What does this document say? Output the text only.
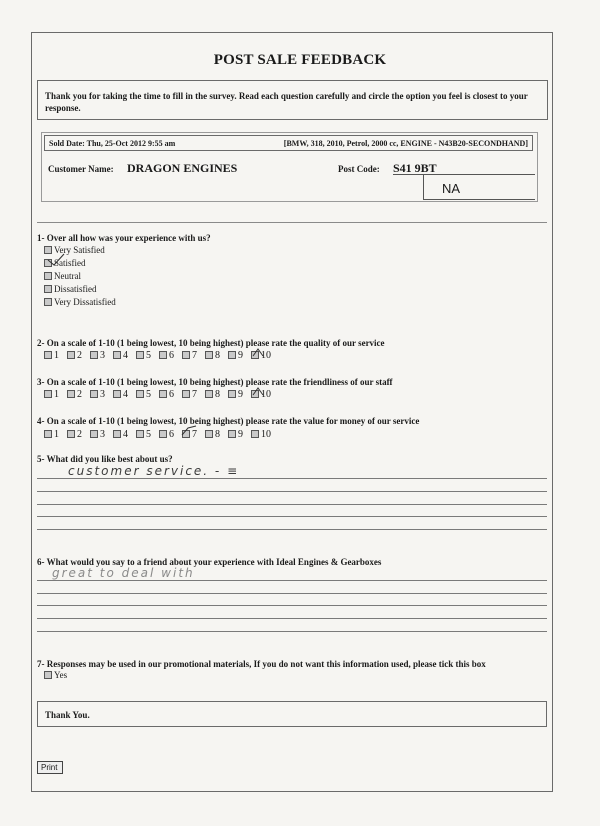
POST SALE FEEDBACK
Thank you for taking the time to fill in the survey. Read each question carefully and circle the option you feel is closest to your response.
Sold Date: Thu, 25-Oct 2012 9:55 am	[BMW, 318, 2010, Petrol, 2000 cc, ENGINE - N43B20-SECONDHAND]
Customer Name: DRAGON ENGINES	Post Code: S41 9BT
NA
1- Over all how was your experience with us?
Very Satisfied
Satisfied
Neutral
Dissatisfied
Very Dissatisfied
2- On a scale of 1-10 (1 being lowest, 10 being highest) please rate the quality of our service
1 2 3 4 5 6 7 8 9 10
3- On a scale of 1-10 (1 being lowest, 10 being highest) please rate the friendliness of our staff
1 2 3 4 5 6 7 8 9 10
4- On a scale of 1-10 (1 being lowest, 10 being highest) please rate the value for money of our service
1 2 3 4 5 6 7 8 9 10
5- What did you like best about us?
customer service. - ≡
6- What would you say to a friend about your experience with Ideal Engines & Gearboxes
great to deal with
7- Responses may be used in our promotional materials, If you do not want this information used, please tick this box
Yes
Thank You.
Print
